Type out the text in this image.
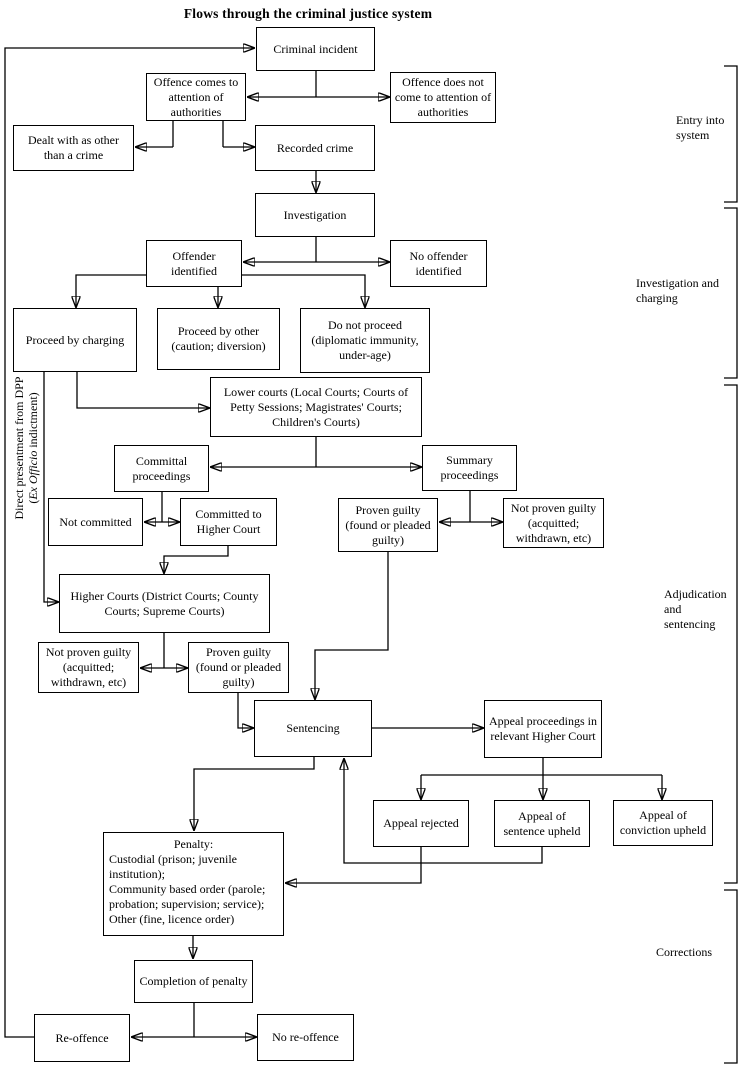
Flows through the criminal justice system
Criminal incident
Offence comes to attention of authorities
Offence does not come to attention of authorities
Dealt with as other than a crime
Recorded crime
Investigation
Offender identified
No offender identified
Proceed by charging
Proceed by other (caution; diversion)
Do not proceed (diplomatic immunity, under-age)
Lower courts (Local Courts; Courts of Petty Sessions; Magistrates' Courts; Children's Courts)
Committal proceedings
Summary proceedings
Not committed
Committed to Higher Court
Proven guilty (found or pleaded guilty)
Not proven guilty (acquitted; withdrawn, etc)
Higher Courts (District Courts; County Courts; Supreme Courts)
Not proven guilty (acquitted; withdrawn, etc)
Proven guilty (found or pleaded guilty)
Sentencing	Appeal proceedings in relevant Higher Court
Appeal rejected
Appeal of sentence upheld
Appeal of conviction upheld
Penalty:
Custodial (prison; juvenile institution);
Community based order (parole; probation; supervision; service);
Other (fine, licence order)
Completion of penalty
Re-offence	No re-offence
Entry into system
Investigation and charging
Adjudication and sentencing
Corrections
Direct presentment from DPP (Ex Officio indictment)
